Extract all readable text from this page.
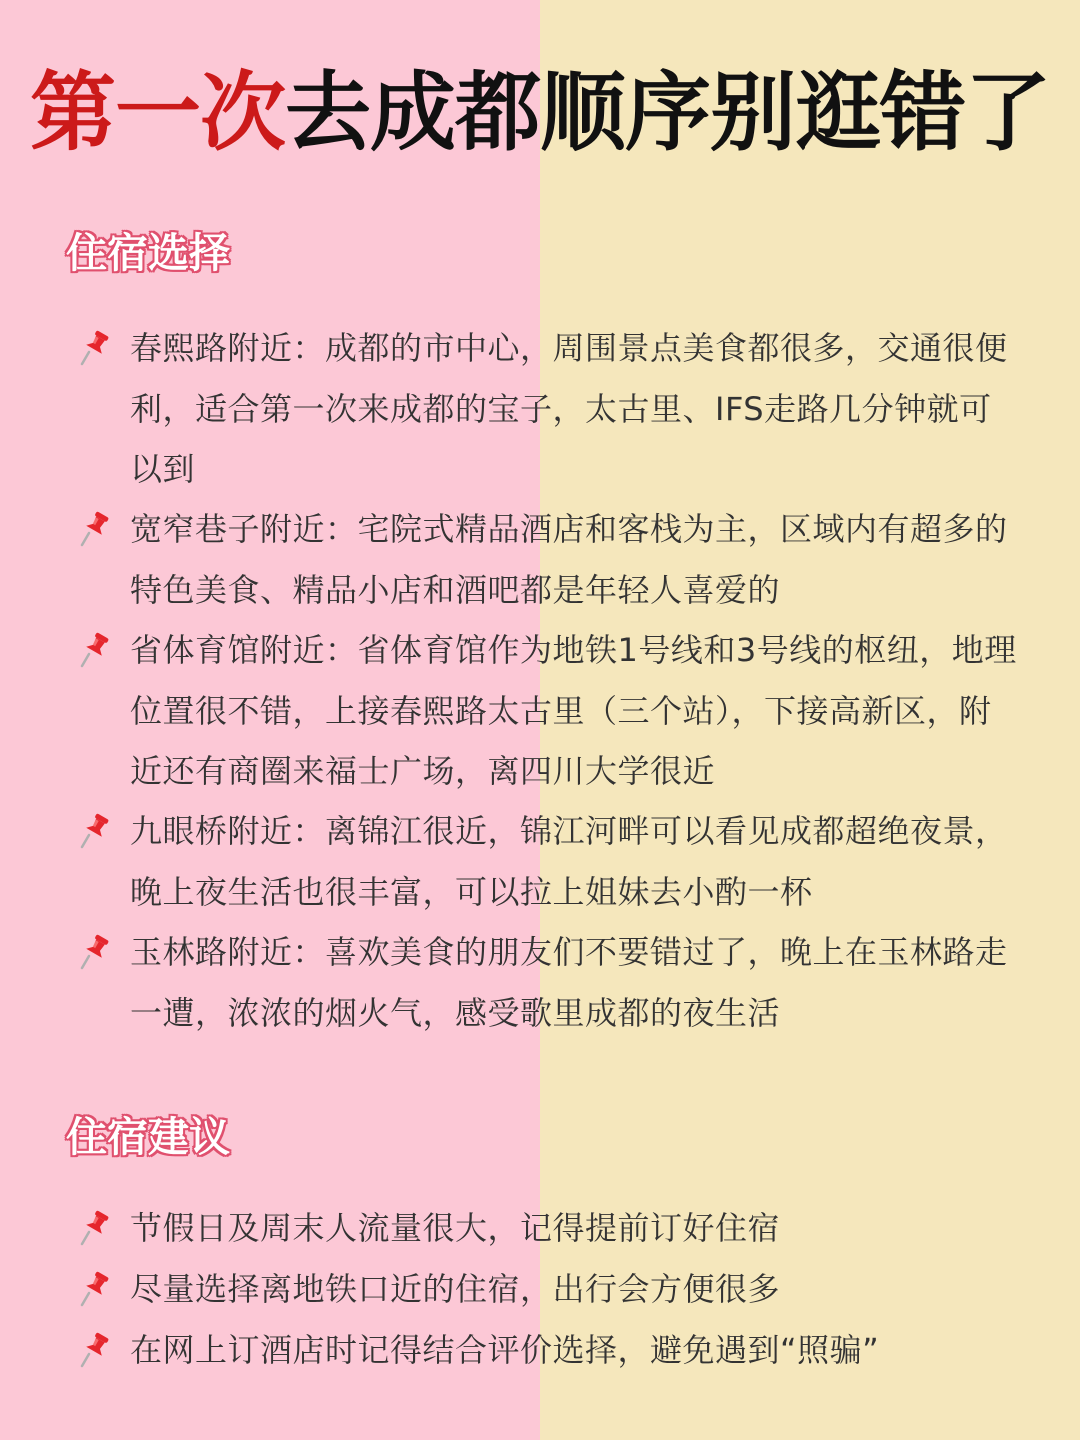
第一次去成都顺序别逛错了
住宿选择
春熙路附近：成都的市中心，周围景点美食都很多，交通很便利，适合第一次来成都的宝子，太古里、IFS走路几分钟就可以到
宽窄巷子附近：宅院式精品酒店和客栈为主，区域内有超多的特色美食、精品小店和酒吧都是年轻人喜爱的
省体育馆附近：省体育馆作为地铁1号线和3号线的枢纽，地理位置很不错，上接春熙路太古里（三个站），下接高新区，附近还有商圈来福士广场，离四川大学很近
九眼桥附近：离锦江很近，锦江河畔可以看见成都超绝夜景，晚上夜生活也很丰富，可以拉上姐妹去小酌一杯
玉林路附近：喜欢美食的朋友们不要错过了，晚上在玉林路走一遭，浓浓的烟火气，感受歌里成都的夜生活
住宿建议
节假日及周末人流量很大，记得提前订好住宿
尽量选择离地铁口近的住宿，出行会方便很多
在网上订酒店时记得结合评价选择，避免遇到“照骗”
